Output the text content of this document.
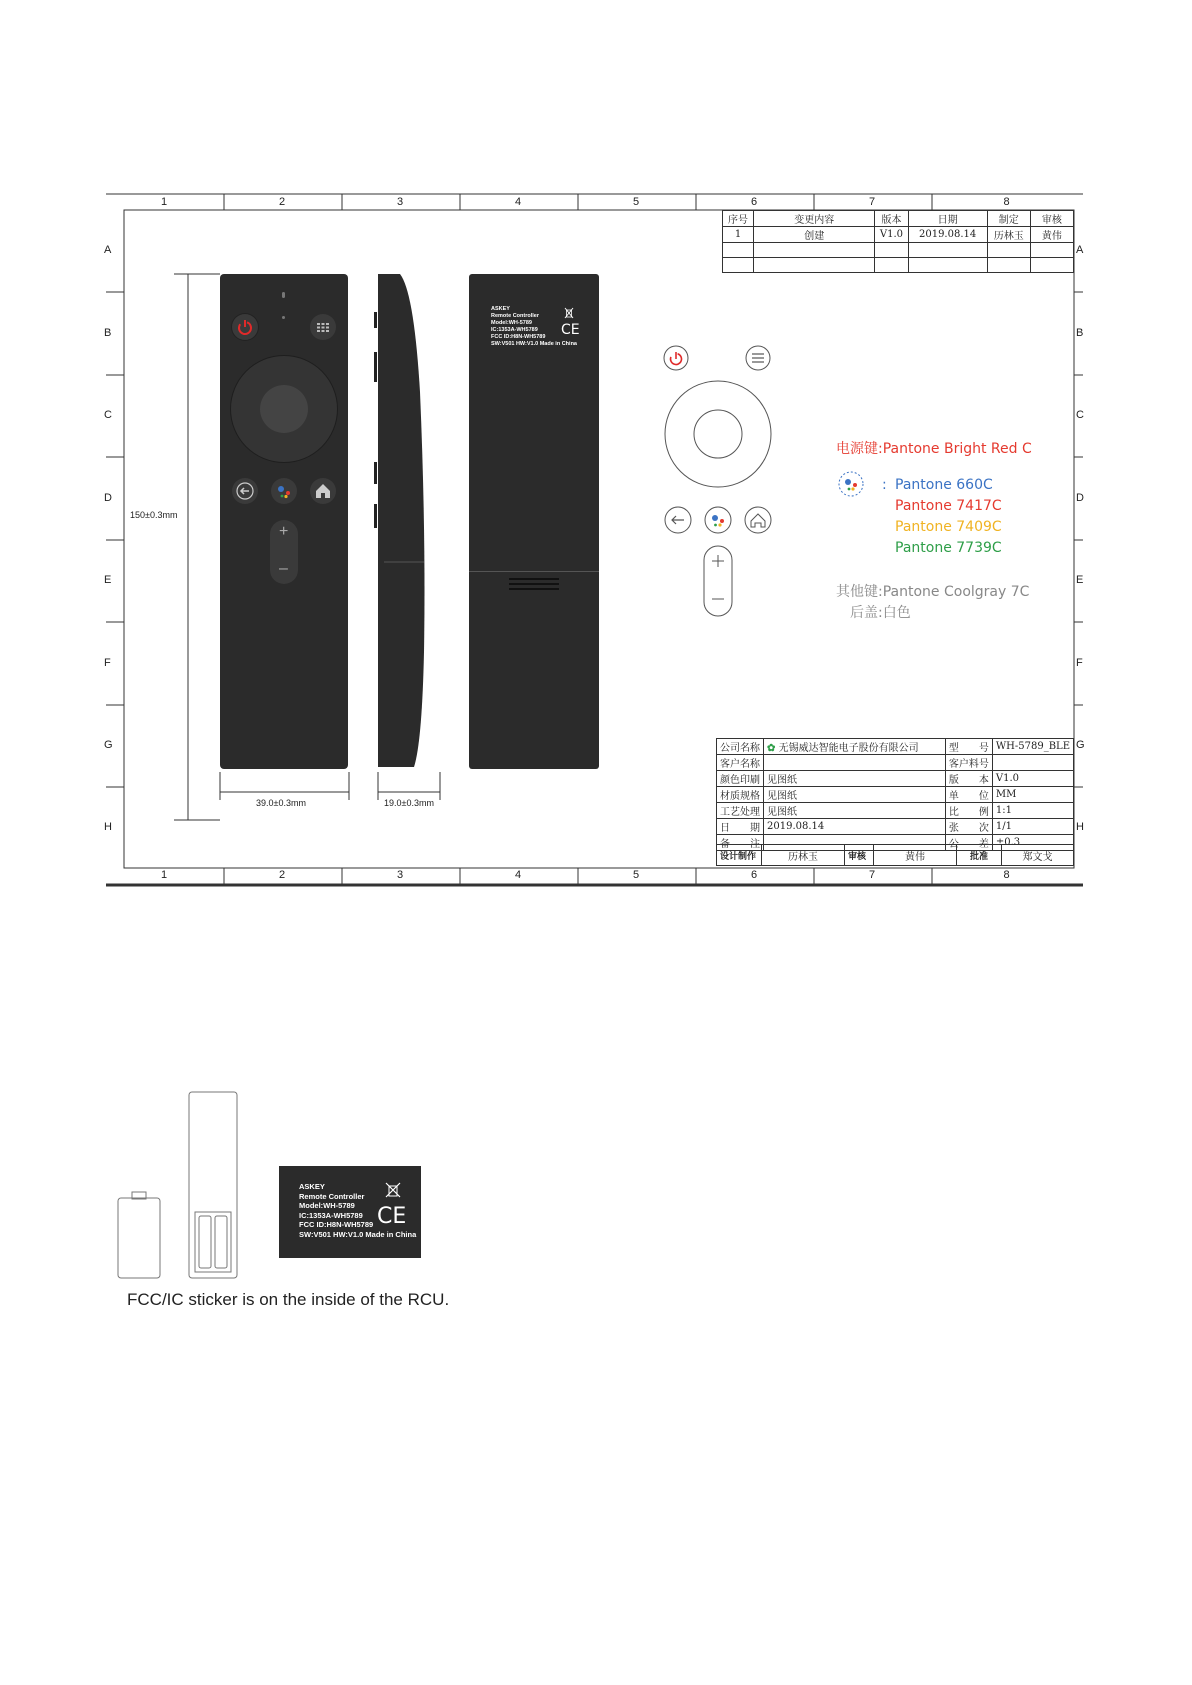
序号	变更内容	版本	日期	制定	审核
1	创建	V1.0	2019.08.14	历林玉	黄伟

150±0.3mm
+
–
39.0±0.3mm	19.0±0.3mm
ASKEY
Remote Controller
Model:WH-5789
IC:1353A-WH5789
FCC ID:H8N-WH5789
SW:V501 HW:V1.0 Made in China
CE
电源键:Pantone Bright Red C
: Pantone 660C
Pantone 7417C
Pantone 7409C
Pantone 7739C
其他键:Pantone Coolgray 7C
后盖:白色
公司名称	✿ 无锡威达智能电子股份有限公司	型　　号	WH-5789_BLE
客户名称		客户料号	
颜色印刷	见图纸	版　　本	V1.0
材质规格	见图纸	单　　位	MM
工艺处理	见图纸	比　　例	1:1
日　　期	2019.08.14	张　　次	1/1
备　　注		公　　差	±0.3
设计制作	历林玉	审核	黄伟	批准	郑文戈
1
1
2
2
3
3
4
4
5
5
6
6
7
7
8
8
A	A
B	B
C	C
D	D
E	E
F	F
G	G
H	H
ASKEY
Remote Controller
Model:WH-5789
IC:1353A-WH5789
FCC ID:H8N-WH5789
SW:V501 HW:V1.0 Made in China
CE
FCC/IC sticker is on the inside of the RCU.
